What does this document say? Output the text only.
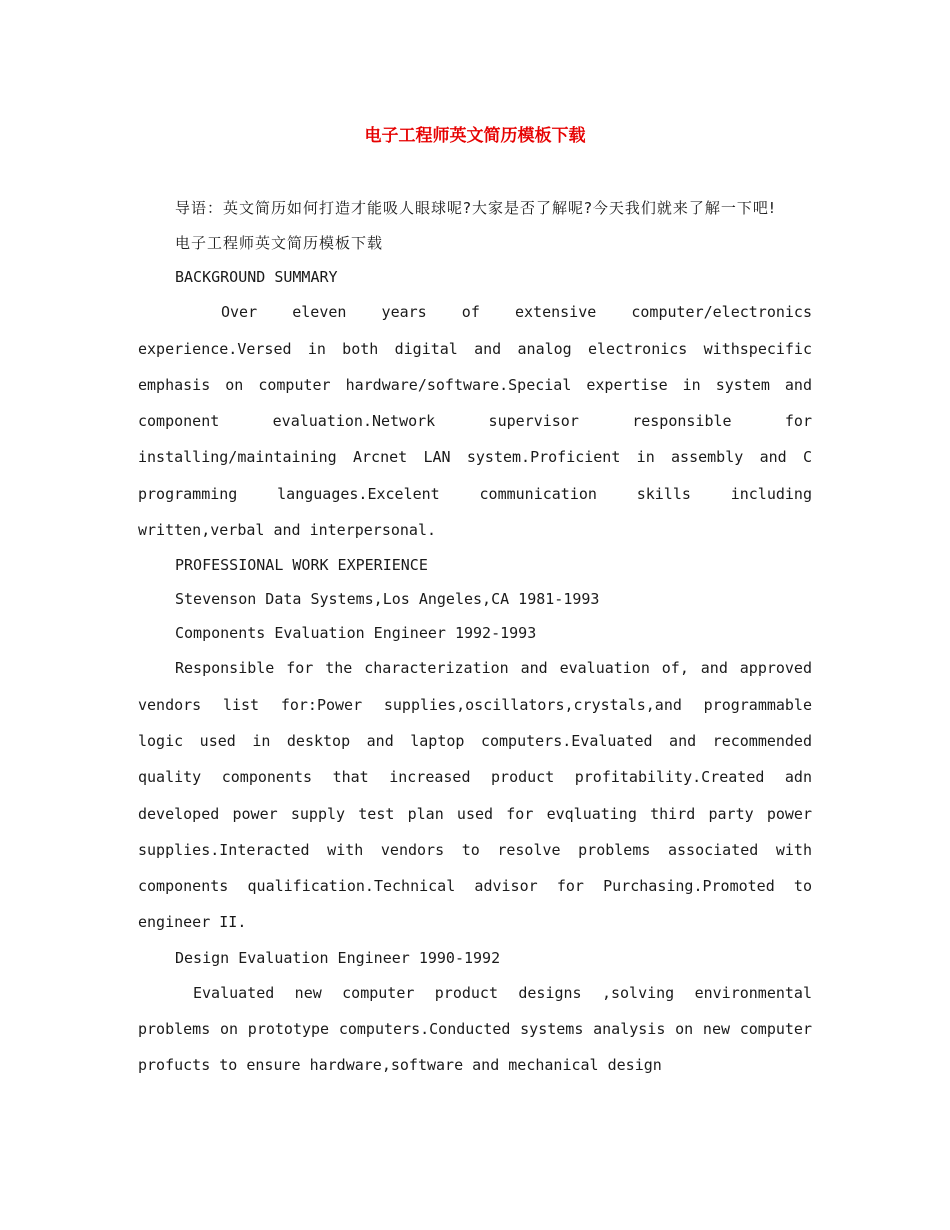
电子工程师英文简历模板下载

导语：英文简历如何打造才能吸人眼球呢?大家是否了解呢?今天我们就来了解一下吧!

电子工程师英文简历模板下载

BACKGROUND SUMMARY

Over eleven years of extensive computer/electronics experience.Versed in both digital and analog electronics withspecific emphasis on computer hardware/software.Special expertise in system and component evaluation.Network supervisor responsible for installing/maintaining Arcnet LAN system.Proficient in assembly and C programming languages.Excelent communication skills including written,verbal and interpersonal.

PROFESSIONAL WORK EXPERIENCE

Stevenson Data Systems,Los Angeles,CA 1981-1993

Components Evaluation Engineer 1992-1993

Responsible for the characterization and evaluation of, and approved vendors list for:Power supplies,oscillators,crystals,and programmable logic used in desktop and laptop computers.Evaluated and recommended quality components that increased product profitability.Created adn developed power supply test plan used for evqluating third party power supplies.Interacted with vendors to resolve problems associated with components qualification.Technical advisor for Purchasing.Promoted to engineer II.

Design Evaluation Engineer 1990-1992

Evaluated new computer product designs ,solving environmental problems on prototype computers.Conducted systems analysis on new computer profucts to ensure hardware,software and mechanical design
